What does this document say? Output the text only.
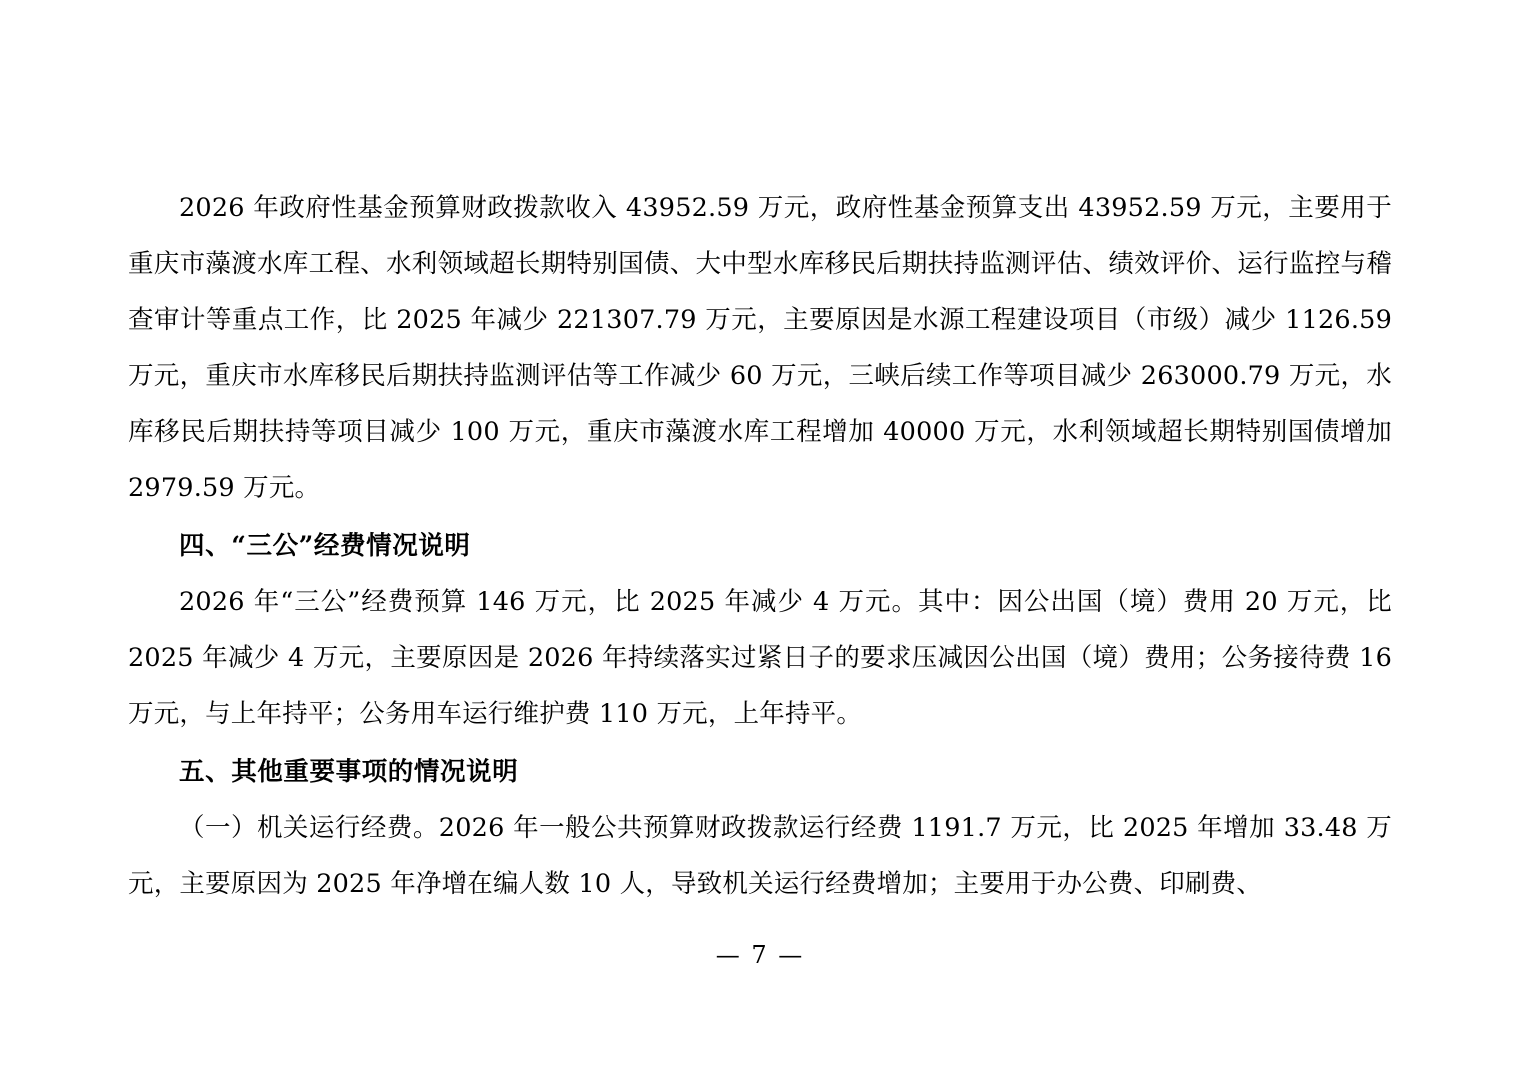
2026 年政府性基金预算财政拨款收入 43952.59 万元，政府性基金预算支出 43952.59 万元，主要用于重庆市藻渡水库工程、水利领域超长期特别国债、大中型水库移民后期扶持监测评估、绩效评价、运行监控与稽查审计等重点工作，比 2025 年减少 221307.79 万元，主要原因是水源工程建设项目（市级）减少 1126.59 万元，重庆市水库移民后期扶持监测评估等工作减少 60 万元，三峡后续工作等项目减少 263000.79 万元，水库移民后期扶持等项目减少 100 万元，重庆市藻渡水库工程增加 40000 万元，水利领域超长期特别国债增加 2979.59 万元。

四、“三公”经费情况说明

2026 年“三公”经费预算 146 万元，比 2025 年减少 4 万元。其中：因公出国（境）费用 20 万元，比 2025 年减少 4 万元，主要原因是 2026 年持续落实过紧日子的要求压减因公出国（境）费用；公务接待费 16 万元，与上年持平；公务用车运行维护费 110 万元，上年持平。

五、其他重要事项的情况说明

（一）机关运行经费。2026 年一般公共预算财政拨款运行经费 1191.7 万元，比 2025 年增加 33.48 万元，主要原因为 2025 年净增在编人数 10 人，导致机关运行经费增加；主要用于办公费、印刷费、

— 7 —
